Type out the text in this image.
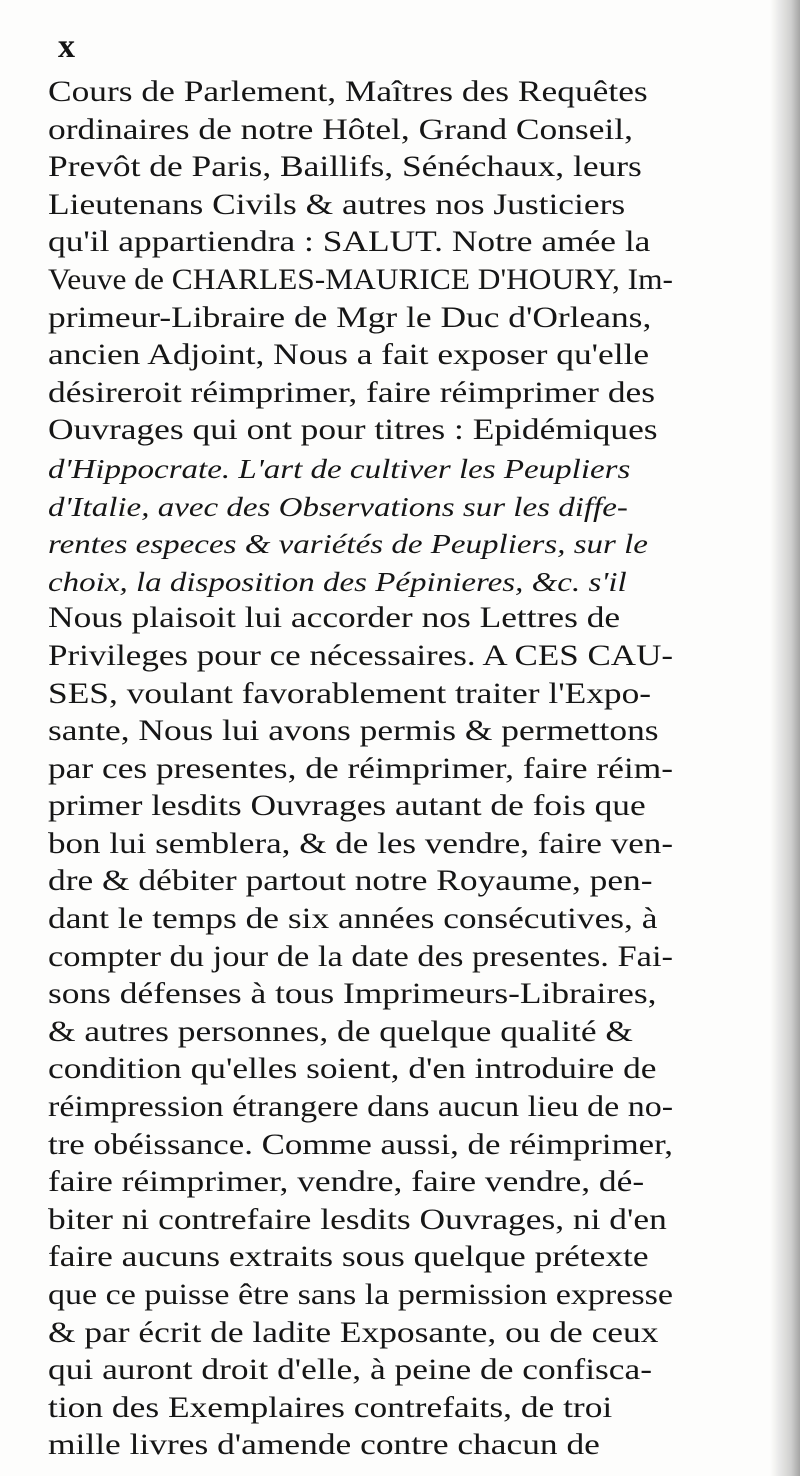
x
Cours de Parlement, Maîtres des Requêtes
ordinaires de notre Hôtel, Grand Conseil,
Prevôt de Paris, Baillifs, Sénéchaux, leurs
Lieutenans Civils & autres nos Justiciers
qu'il appartiendra : SALUT. Notre amée la
Veuve de CHARLES-MAURICE D'HOURY, Im-
primeur-Libraire de Mgr le Duc d'Orleans,
ancien Adjoint, Nous a fait exposer qu'elle
désireroit réimprimer, faire réimprimer des
Ouvrages qui ont pour titres : Epidémiques
d'Hippocrate. L'art de cultiver les Peupliers
d'Italie, avec des Observations sur les diffe-
rentes especes & variétés de Peupliers, sur le
choix, la disposition des Pépinieres, &c. s'il
Nous plaisoit lui accorder nos Lettres de
Privileges pour ce nécessaires. A CES CAU-
SES, voulant favorablement traiter l'Expo-
sante, Nous lui avons permis & permettons
par ces presentes, de réimprimer, faire réim-
primer lesdits Ouvrages autant de fois que
bon lui semblera, & de les vendre, faire ven-
dre & débiter partout notre Royaume, pen-
dant le temps de six années consécutives, à
compter du jour de la date des presentes. Fai-
sons défenses à tous Imprimeurs-Libraires,
& autres personnes, de quelque qualité &
condition qu'elles soient, d'en introduire de
réimpression étrangere dans aucun lieu de no-
tre obéissance. Comme aussi, de réimprimer,
faire réimprimer, vendre, faire vendre, dé-
biter ni contrefaire lesdits Ouvrages, ni d'en
faire aucuns extraits sous quelque prétexte
que ce puisse être sans la permission expresse
& par écrit de ladite Exposante, ou de ceux
qui auront droit d'elle, à peine de confisca-
tion des Exemplaires contrefaits, de troi
mille livres d'amende contre chacun de
